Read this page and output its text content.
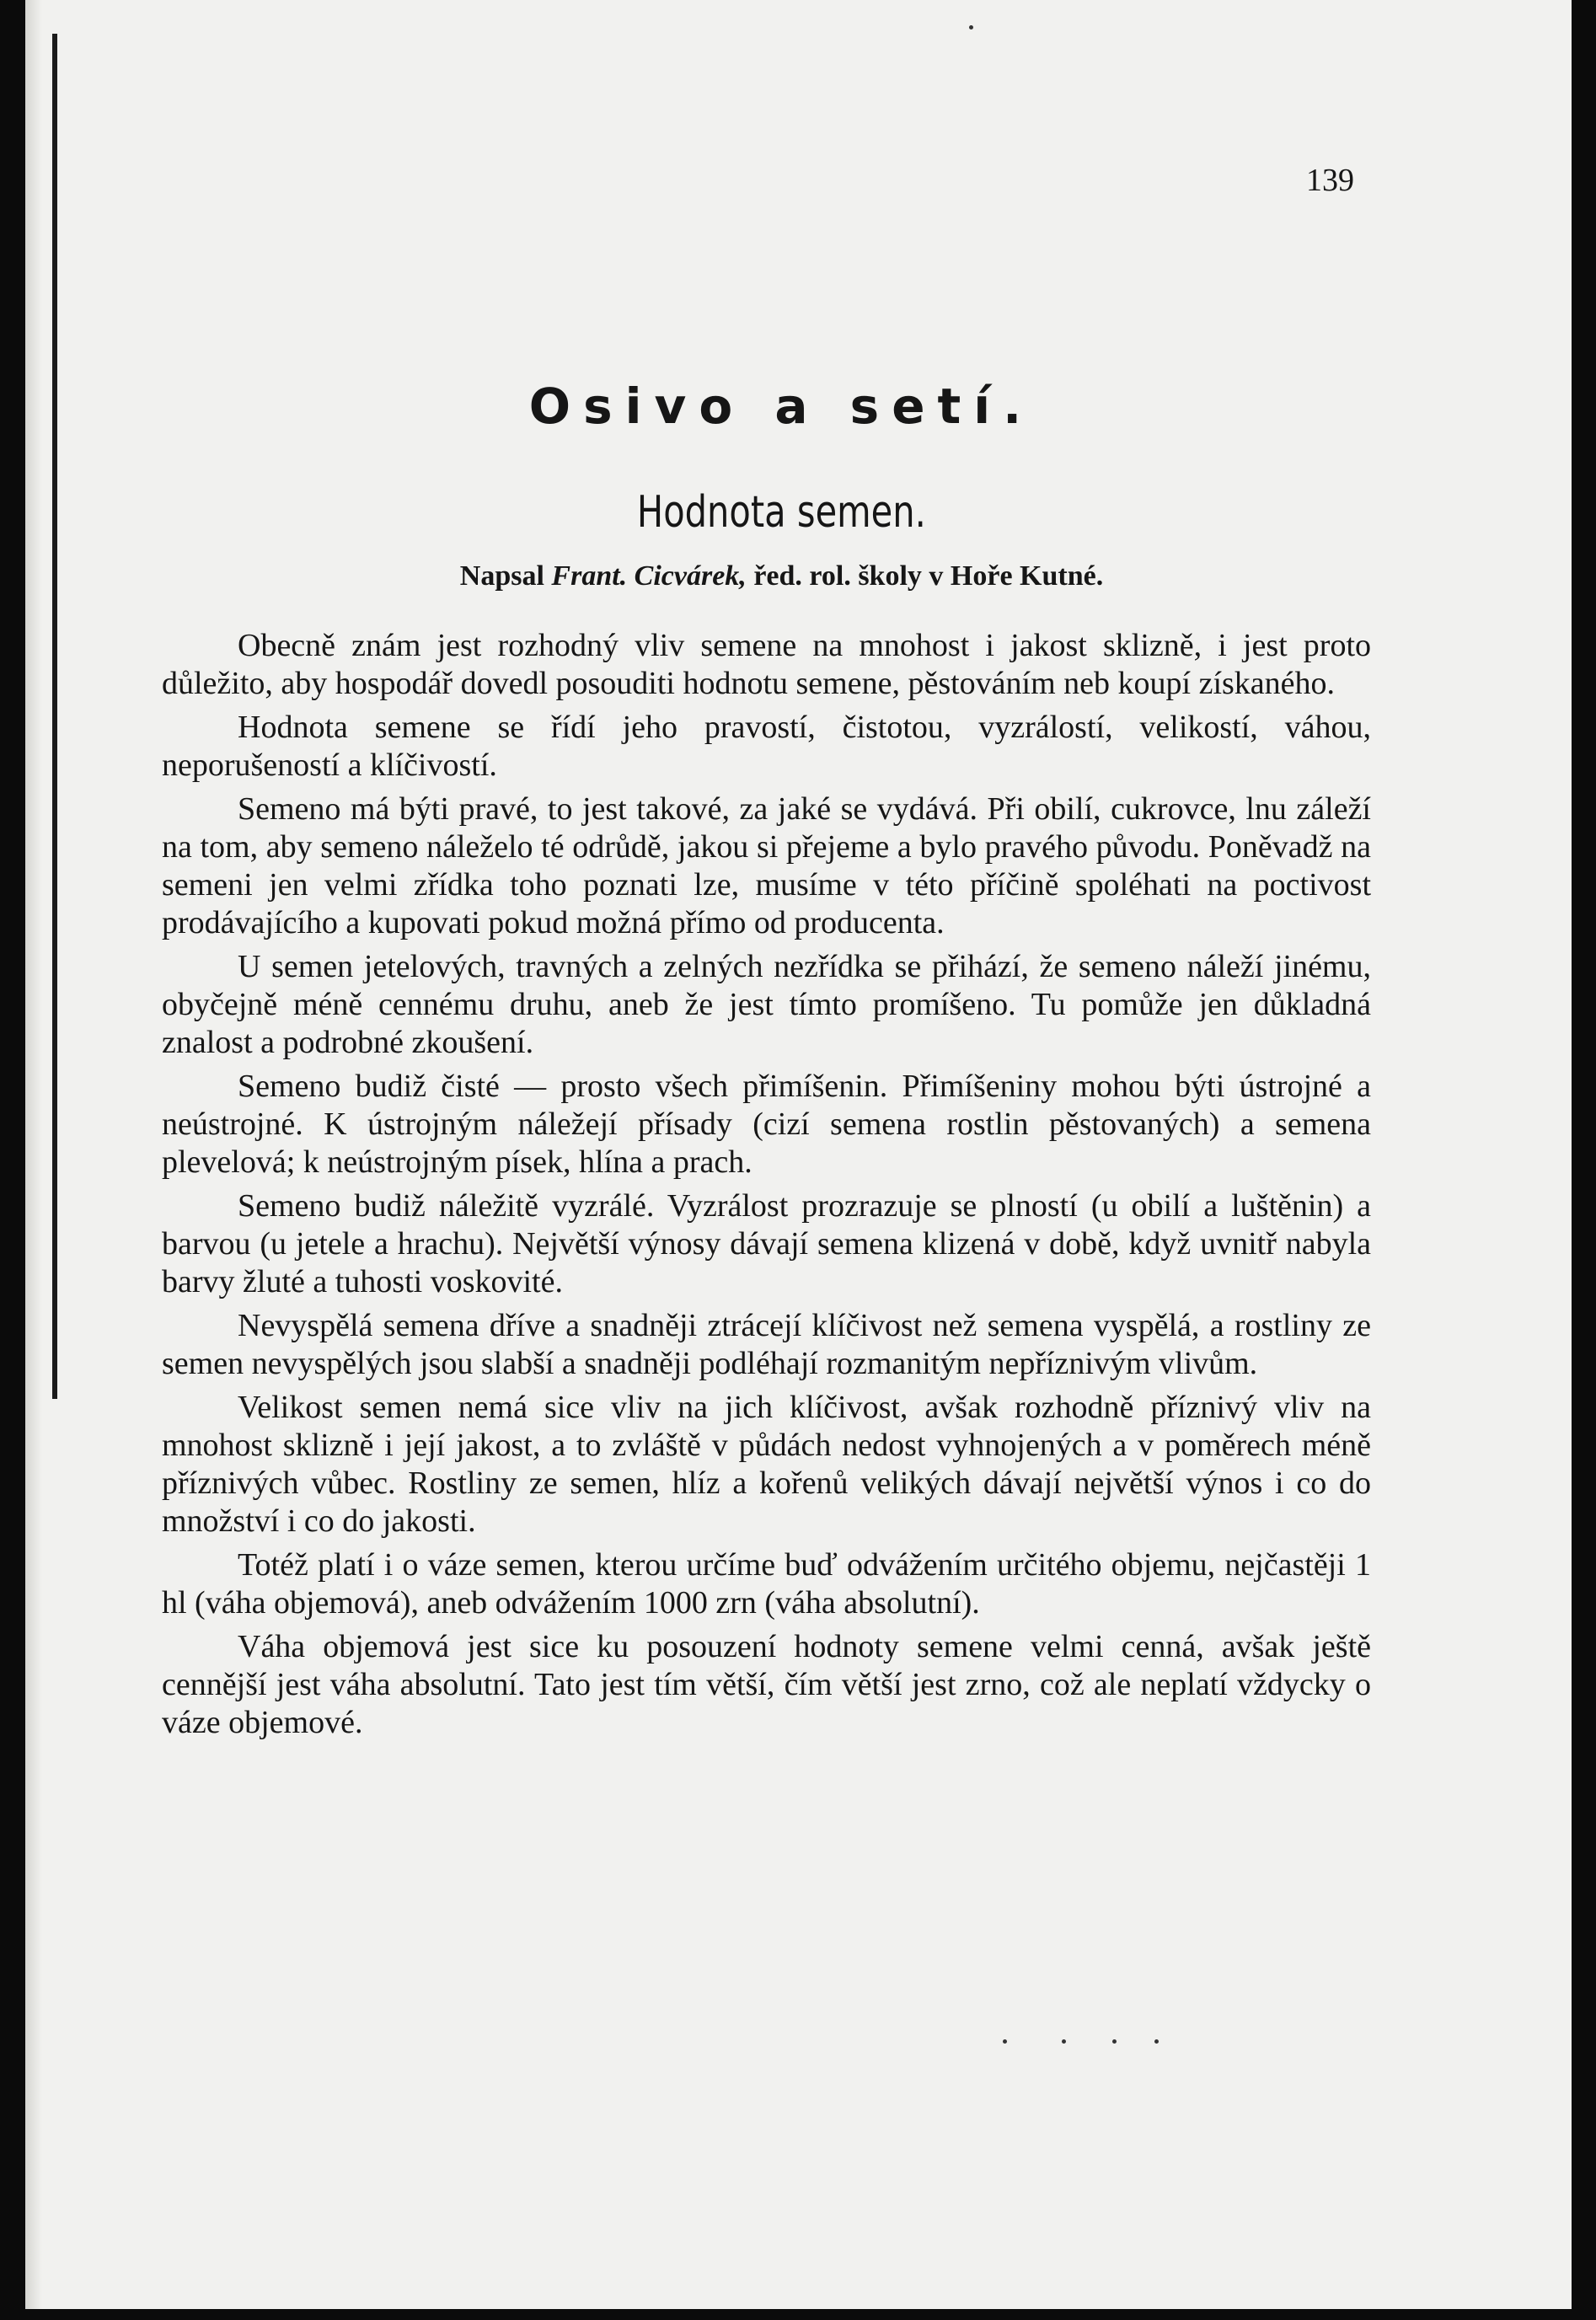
139
Osivo a setí.
Hodnota semen.
Napsal Frant. Cicvárek, řed. rol. školy v Hoře Kutné.

Obecně znám jest rozhodný vliv semene na mnohost i jakost sklizně, i jest proto důležito, aby hospodář dovedl posouditi hodnotu semene, pěstováním neb koupí získaného.

Hodnota semene se řídí jeho pravostí, čistotou, vyzrálostí, velikostí, váhou, neporušeností a klíčivostí.

Semeno má býti pravé, to jest takové, za jaké se vydává. Při obilí, cukrovce, lnu záleží na tom, aby semeno náleželo té odrůdě, jakou si přejeme a bylo pravého původu. Poněvadž na semeni jen velmi zřídka toho poznati lze, musíme v této příčině spoléhati na poctivost prodávajícího a kupovati pokud možná přímo od producenta.

U semen jetelových, travných a zelných nezřídka se přihází, že semeno náleží jinému, obyčejně méně cennému druhu, aneb že jest tímto promíšeno. Tu pomůže jen důkladná znalost a podrobné zkoušení.

Semeno budiž čisté — prosto všech přimíšenin. Přimíšeniny mohou býti ústrojné a neústrojné. K ústrojným náležejí přísady (cizí semena rostlin pěstovaných) a semena plevelová; k neústrojným písek, hlína a prach.

Semeno budiž náležitě vyzrálé. Vyzrálost prozrazuje se plností (u obilí a luštěnin) a barvou (u jetele a hrachu). Největší výnosy dávají semena klizená v době, když uvnitř nabyla barvy žluté a tuhosti voskovité.

Nevyspělá semena dříve a snadněji ztrácejí klíčivost než semena vyspělá, a rostliny ze semen nevyspělých jsou slabší a snadněji podléhají rozmanitým nepříznivým vlivům.

Velikost semen nemá sice vliv na jich klíčivost, avšak rozhodně příznivý vliv na mnohost sklizně i její jakost, a to zvláště v půdách nedost vyhnojených a v poměrech méně příznivých vůbec. Rostliny ze semen, hlíz a kořenů velikých dávají největší výnos i co do množství i co do jakosti.

Totéž platí i o váze semen, kterou určíme buď odvážením určitého objemu, nejčastěji 1 hl (váha objemová), aneb odvážením 1000 zrn (váha absolutní).

Váha objemová jest sice ku posouzení hodnoty semene velmi cenná, avšak ještě cennější jest váha absolutní. Tato jest tím větší, čím větší jest zrno, což ale neplatí vždycky o váze objemové.
